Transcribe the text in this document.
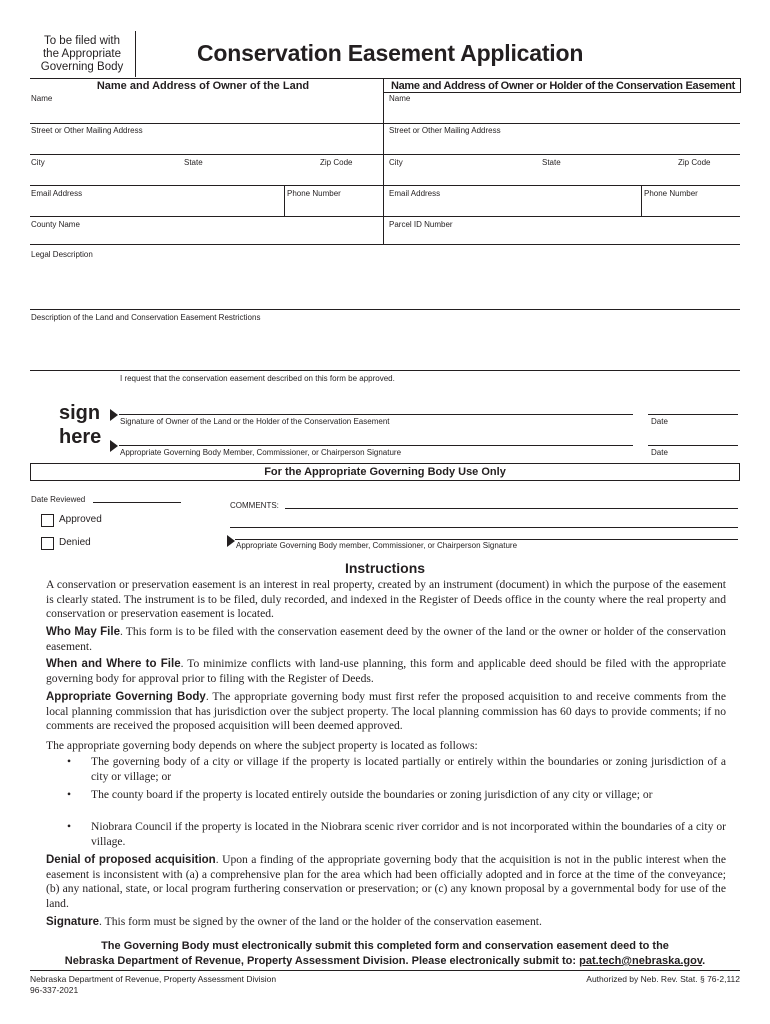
To be filed with
the Appropriate
Governing Body
Conservation Easement Application
Name and Address of Owner of the Land	Name and Address of Owner or Holder of the Conservation Easement
Name
Street or Other Mailing Address
City	State	Zip Code
Email Address	Phone Number
County Name
Name
Street or Other Mailing Address
City	State	Zip Code
Email Address	Phone Number
Parcel ID Number
Legal Description
Description of the Land and Conservation Easement Restrictions
I request that the conservation easement described on this form be approved.
sign
here
Signature of Owner of the Land or the Holder of the Conservation Easement	Date
Appropriate Governing Body Member, Commissioner, or Chairperson Signature	Date
For the Appropriate Governing Body Use Only
Date Reviewed
COMMENTS:
Approved
Denied	Appropriate Governing Body member, Commissioner, or Chairperson Signature
Instructions

A conservation or preservation easement is an interest in real property, created by an instrument (document) in which the purpose of the easement is clearly stated. The instrument is to be filed, duly recorded, and indexed in the Register of Deeds office in the county where the real property and conservation or preservation easement is located.

Who May File. This form is to be filed with the conservation easement deed by the owner of the land or the owner or holder of the conservation easement.

When and Where to File. To minimize conflicts with land-use planning, this form and applicable deed should be filed with the appropriate governing body for approval prior to filing with the Register of Deeds.

Appropriate Governing Body. The appropriate governing body must first refer the proposed acquisition to and receive comments from the local planning commission that has jurisdiction over the subject property. The local planning commission has 60 days to provide comments; if no comments are received the proposed acquisition will been deemed approved.

The appropriate governing body depends on where the subject property is located as follows:

• The governing body of a city or village if the property is located partially or entirely within the boundaries or zoning jurisdiction of a city or village; or
• The county board if the property is located entirely outside the boundaries or zoning jurisdiction of any city or village; or
• Niobrara Council if the property is located in the Niobrara scenic river corridor and is not incorporated within the boundaries of a city or village.

Denial of proposed acquisition. Upon a finding of the appropriate governing body that the acquisition is not in the public interest when the easement is inconsistent with (a) a comprehensive plan for the area which had been officially adopted and in force at the time of the conveyance; (b) any national, state, or local program furthering conservation or preservation; or (c) any known proposal by a governmental body for use of the land.

Signature. This form must be signed by the owner of the land or the holder of the conservation easement.

The Governing Body must electronically submit this completed form and conservation easement deed to the
Nebraska Department of Revenue, Property Assessment Division. Please electronically submit to: pat.tech@nebraska.gov.
Nebraska Department of Revenue, Property Assessment Division
96-337-2021
Authorized by Neb. Rev. Stat. § 76-2,112
